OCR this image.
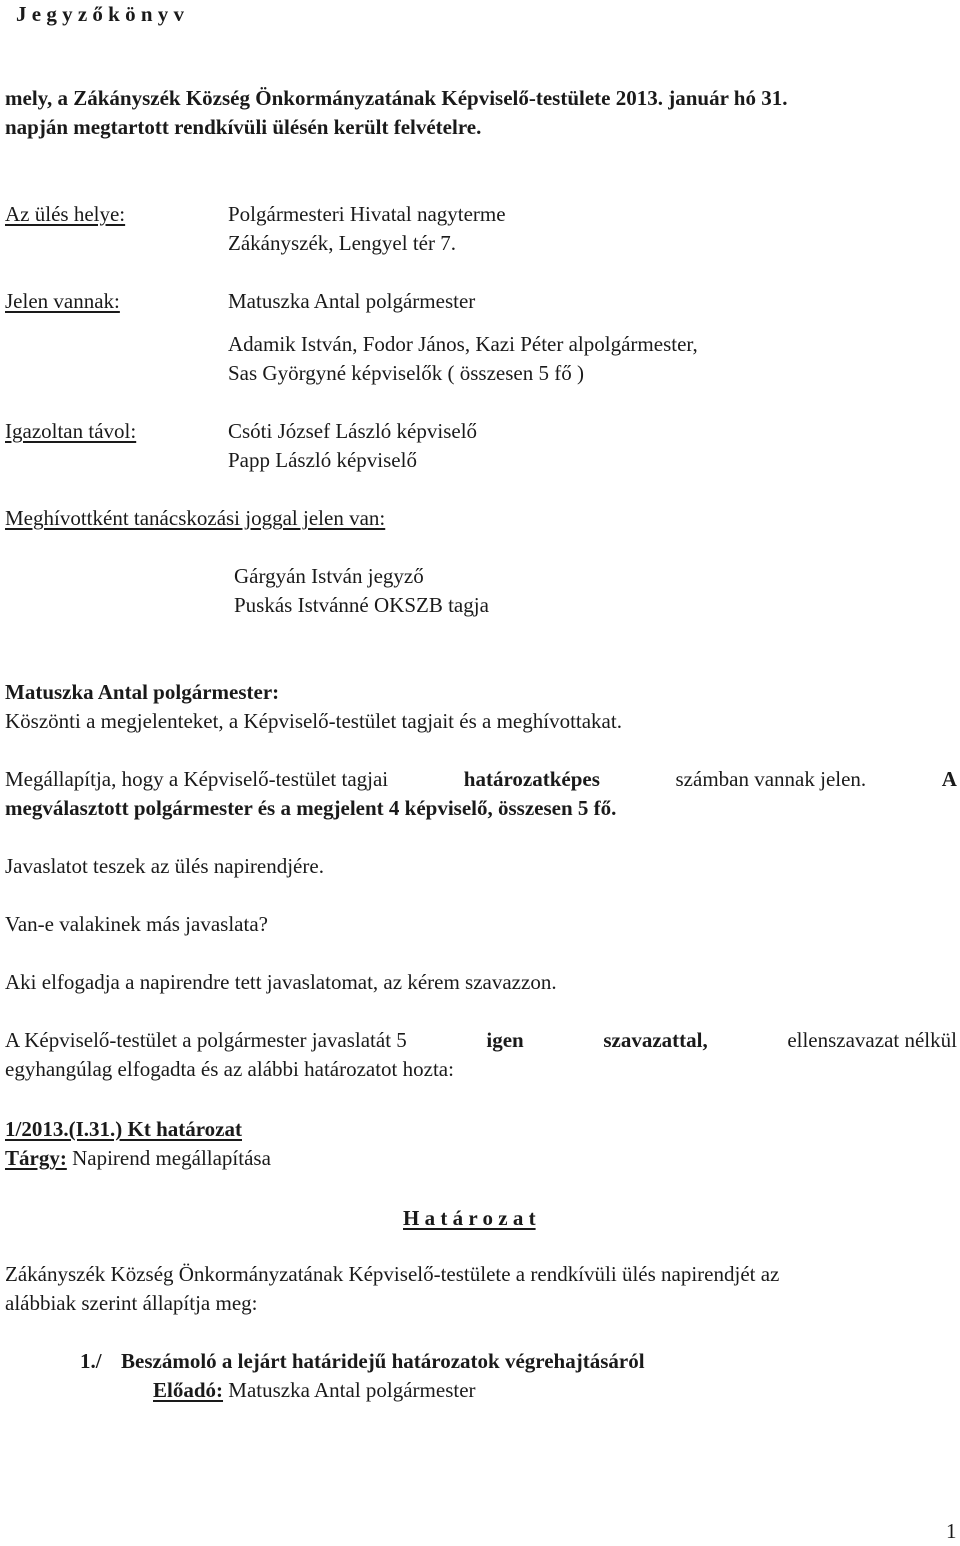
J e g y z ő k ö n y v
mely, a Zákányszék Község Önkormányzatának Képviselő-testülete 2013. január hó 31.
napján megtartott rendkívüli ülésén került felvételre.
Az ülés helye:	Polgármesteri Hivatal nagyterme
Zákányszék, Lengyel tér 7.
Jelen vannak:	Matuszka Antal polgármester
Adamik István, Fodor János, Kazi Péter alpolgármester,
Sas Györgyné képviselők ( összesen 5 fő )
Igazoltan távol:	Csóti József László képviselő
Papp László képviselő
Meghívottként tanácskozási joggal jelen van:
Gárgyán István jegyző
Puskás Istvánné OKSZB tagja
Matuszka Antal polgármester:
Köszönti a megjelenteket, a Képviselő-testület tagjait és a meghívottakat.
Megállapítja, hogy a Képviselő-testület tagjai	határozatképes	számban vannak jelen.	A
megválasztott polgármester és a megjelent 4 képviselő, összesen 5 fő.
Javaslatot teszek az ülés napirendjére.
Van-e valakinek más javaslata?
Aki elfogadja a napirendre tett javaslatomat, az kérem szavazzon.
A Képviselő-testület a polgármester javaslatát 5	igen	szavazattal,	ellenszavazat nélkül
egyhangúlag elfogadta és az alábbi határozatot hozta:
1/2013.(I.31.) Kt határozat
Tárgy: Napirend megállapítása
H a t á r o z a t
Zákányszék Község Önkormányzatának Képviselő-testülete a rendkívüli ülés napirendjét az
alábbiak szerint állapítja meg:
1./ Beszámoló a lejárt határidejű határozatok végrehajtásáról
Előadó: Matuszka Antal polgármester
1
